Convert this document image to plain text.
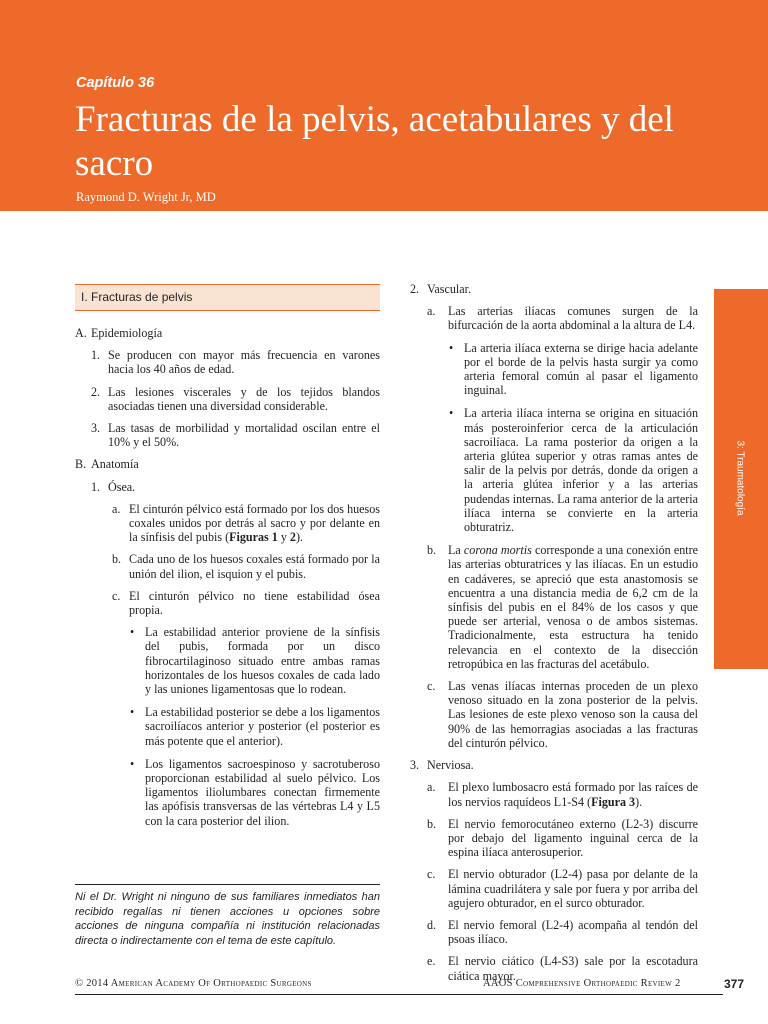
Capítulo 36
Fracturas de la pelvis, acetabulares y del sacro
Raymond D. Wright Jr, MD
3: Traumatología
I. Fracturas de pelvis
A. Epidemiología
1. Se producen con mayor más frecuencia en varones hacia los 40 años de edad.
2. Las lesiones viscerales y de los tejidos blandos asociadas tienen una diversidad considerable.
3. Las tasas de morbilidad y mortalidad oscilan entre el 10% y el 50%.
B. Anatomía
1. Ósea.
a. El cinturón pélvico está formado por los dos huesos coxales unidos por detrás al sacro y por delante en la sínfisis del pubis (Figuras 1 y 2).
b. Cada uno de los huesos coxales está formado por la unión del ilion, el isquion y el pubis.
c. El cinturón pélvico no tiene estabilidad ósea propia.
• La estabilidad anterior proviene de la sínfisis del pubis, formada por un disco fibrocartilaginoso situado entre ambas ramas horizontales de los huesos coxales de cada lado y las uniones ligamentosas que lo rodean.
• La estabilidad posterior se debe a los ligamentos sacroilíacos anterior y posterior (el posterior es más potente que el anterior).
• Los ligamentos sacroespinoso y sacrotuberoso proporcionan estabilidad al suelo pélvico. Los ligamentos iliolumbares conectan firmemente las apófisis transversas de las vértebras L4 y L5 con la cara posterior del ilion.
2. Vascular.
a. Las arterias ilíacas comunes surgen de la bifurcación de la aorta abdominal a la altura de L4.
• La arteria ilíaca externa se dirige hacia adelante por el borde de la pelvis hasta surgir ya como arteria femoral común al pasar el ligamento inguinal.
• La arteria ilíaca interna se origina en situación más posteroinferior cerca de la articulación sacroilíaca. La rama posterior da origen a la arteria glútea superior y otras ramas antes de salir de la pelvis por detrás, donde da origen a la arteria glútea inferior y a las arterias pudendas internas. La rama anterior de la arteria ilíaca interna se convierte en la arteria obturatriz.
b. La corona mortis corresponde a una conexión entre las arterias obturatrices y las ilíacas. En un estudio en cadáveres, se apreció que esta anastomosis se encuentra a una distancia media de 6,2 cm de la sínfisis del pubis en el 84% de los casos y que puede ser arterial, venosa o de ambos sistemas. Tradicionalmente, esta estructura ha tenido relevancia en el contexto de la disección retropúbica en las fracturas del acetábulo.
c. Las venas ilíacas internas proceden de un plexo venoso situado en la zona posterior de la pelvis. Las lesiones de este plexo venoso son la causa del 90% de las hemorragias asociadas a las fracturas del cinturón pélvico.
3. Nerviosa.
a. El plexo lumbosacro está formado por las raíces de los nervios raquídeos L1-S4 (Figura 3).
b. El nervio femorocutáneo externo (L2-3) discurre por debajo del ligamento inguinal cerca de la espina ilíaca anterosuperior.
c. El nervio obturador (L2-4) pasa por delante de la lámina cuadrilátera y sale por fuera y por arriba del agujero obturador, en el surco obturador.
d. El nervio femoral (L2-4) acompaña al tendón del psoas ilíaco.
e. El nervio ciático (L4-S3) sale por la escotadura ciática mayor.
Ni el Dr. Wright ni ninguno de sus familiares inmediatos han recibido regalías ni tienen acciones u opciones sobre acciones de ninguna compañía ni institución relacionadas directa o indirectamente con el tema de este capítulo.
© 2014 American Academy Of Orthopaedic Surgeons	AAOS Comprehensive Orthopaedic Review 2	377
